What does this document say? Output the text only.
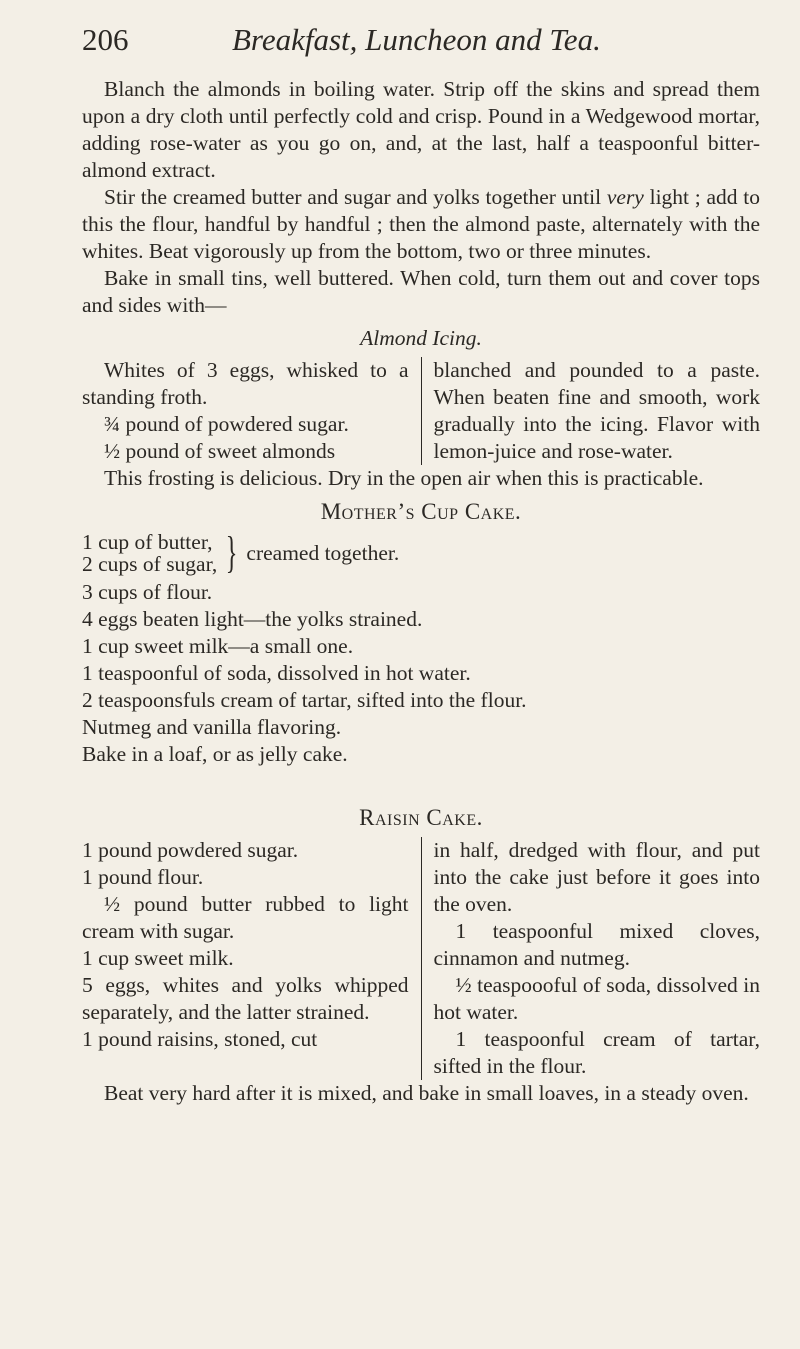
206	Breakfast, Luncheon and Tea.

Blanch the almonds in boiling water. Strip off the skins and spread them upon a dry cloth until perfectly cold and crisp. Pound in a Wedgewood mortar, adding rose-water as you go on, and, at the last, half a teaspoonful bitter-almond extract.

Stir the creamed butter and sugar and yolks together until very light ; add to this the flour, handful by handful ; then the almond paste, alternately with the whites. Beat vigorously up from the bottom, two or three minutes.

Bake in small tins, well buttered. When cold, turn them out and cover tops and sides with—

Almond Icing.

Whites of 3 eggs, whisked to a standing froth.

¾ pound of powdered sugar.

½ pound of sweet almonds

blanched and pounded to a paste. When beaten fine and smooth, work gradually into the icing. Flavor with lemon-juice and rose-water.

This frosting is delicious. Dry in the open air when this is practicable.

Mother’s Cup Cake.
1 cup of butter,
2 cups of sugar, } creamed together.

3 cups of flour.

4 eggs beaten light—the yolks strained.

1 cup sweet milk—a small one.

1 teaspoonful of soda, dissolved in hot water.

2 teaspoonsfuls cream of tartar, sifted into the flour.

Nutmeg and vanilla flavoring.

Bake in a loaf, or as jelly cake.

Raisin Cake.

1 pound powdered sugar.

1 pound flour.

½ pound butter rubbed to light cream with sugar.

1 cup sweet milk.

5 eggs, whites and yolks whipped separately, and the latter strained.

1 pound raisins, stoned, cut

in half, dredged with flour, and put into the cake just before it goes into the oven.

1 teaspoonful mixed cloves, cinnamon and nutmeg.

½ teaspoooful of soda, dissolved in hot water.

1 teaspoonful cream of tartar, sifted in the flour.

Beat very hard after it is mixed, and bake in small loaves, in a steady oven.
